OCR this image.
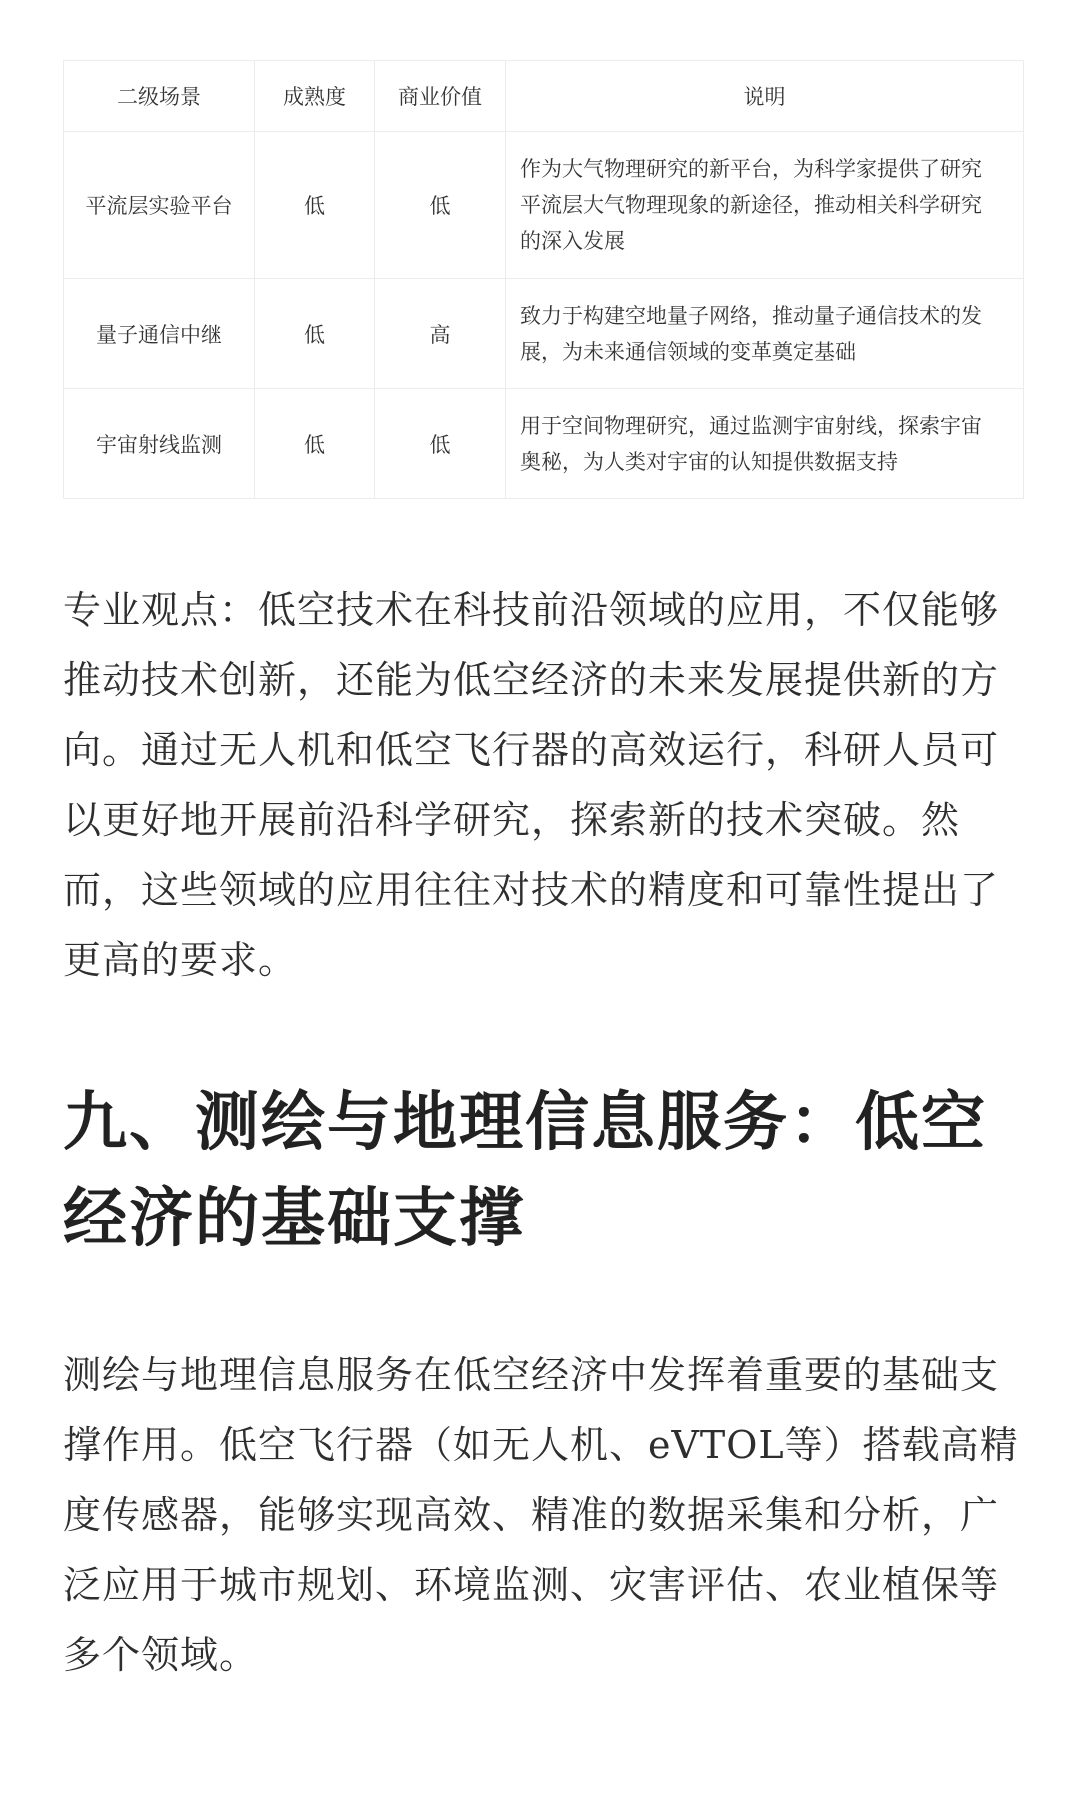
二级场景	成熟度	商业价值	说明
平流层实验平台	低	低	作为大气物理研究的新平台，为科学家提供了研究平流层大气物理现象的新途径，推动相关科学研究的深入发展
量子通信中继	低	高	致力于构建空地量子网络，推动量子通信技术的发展，为未来通信领域的变革奠定基础
宇宙射线监测	低	低	用于空间物理研究，通过监测宇宙射线，探索宇宙奥秘，为人类对宇宙的认知提供数据支持

专业观点：低空技术在科技前沿领域的应用，不仅能够推动技术创新，还能为低空经济的未来发展提供新的方向。通过无人机和低空飞行器的高效运行，科研人员可以更好地开展前沿科学研究，探索新的技术突破。然而，这些领域的应用往往对技术的精度和可靠性提出了更高的要求。

九、测绘与地理信息服务：低空经济的基础支撑

测绘与地理信息服务在低空经济中发挥着重要的基础支撑作用。低空飞行器（如无人机、eVTOL等）搭载高精度传感器，能够实现高效、精准的数据采集和分析，广泛应用于城市规划、环境监测、灾害评估、农业植保等多个领域。
